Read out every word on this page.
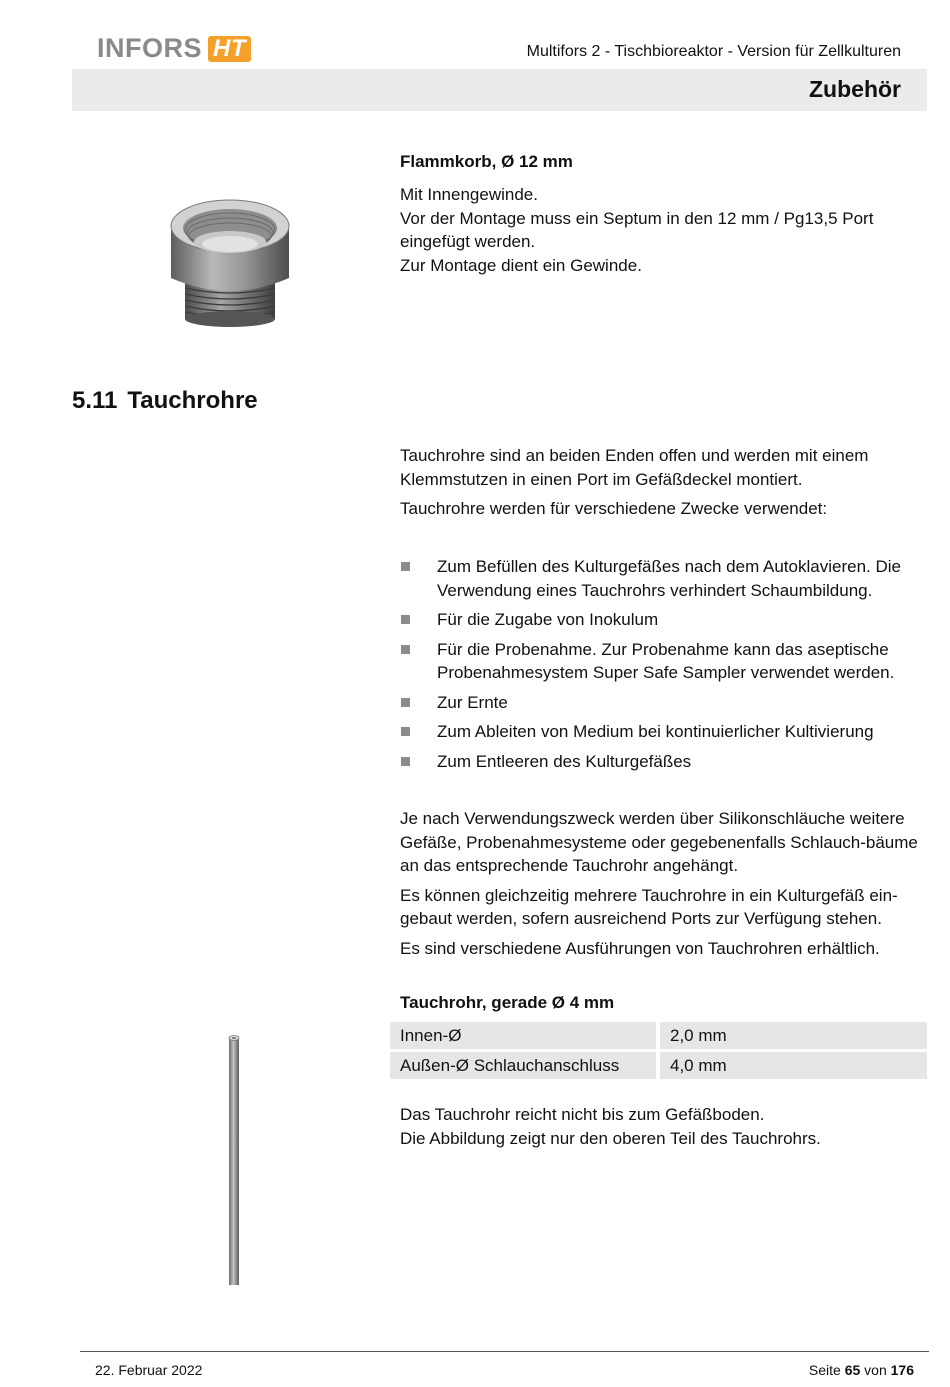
INFORS HT	Multifors 2 - Tischbioreaktor - Version für Zellkulturen
Zubehör
Flammkorb, Ø 12 mm
Mit Innengewinde.
Vor der Montage muss ein Septum in den 12 mm / Pg13,5 Port eingefügt werden.
Zur Montage dient ein Gewinde.
5.11 Tauchrohre
Tauchrohre sind an beiden Enden offen und werden mit einem Klemmstutzen in einen Port im Gefäßdeckel montiert.
Tauchrohre werden für verschiedene Zwecke verwendet:
Zum Befüllen des Kulturgefäßes nach dem Autoklavieren. Die Verwendung eines Tauchrohrs verhindert Schaumbildung.
Für die Zugabe von Inokulum
Für die Probenahme. Zur Probenahme kann das aseptische Probenahmesystem Super Safe Sampler verwendet werden.
Zur Ernte
Zum Ableiten von Medium bei kontinuierlicher Kultivierung
Zum Entleeren des Kulturgefäßes
Je nach Verwendungszweck werden über Silikonschläuche weitere Gefäße, Probenahmesysteme oder gegebenenfalls Schlauch-bäume an das entsprechende Tauchrohr angehängt.
Es können gleichzeitig mehrere Tauchrohre in ein Kulturgefäß ein-gebaut werden, sofern ausreichend Ports zur Verfügung stehen.
Es sind verschiedene Ausführungen von Tauchrohren erhältlich.
Tauchrohr, gerade Ø 4 mm
Innen-Ø	2,0 mm
Außen-Ø Schlauchanschluss	4,0 mm
Das Tauchrohr reicht nicht bis zum Gefäßboden.
Die Abbildung zeigt nur den oberen Teil des Tauchrohrs.
22. Februar 2022	Seite 65 von 176
